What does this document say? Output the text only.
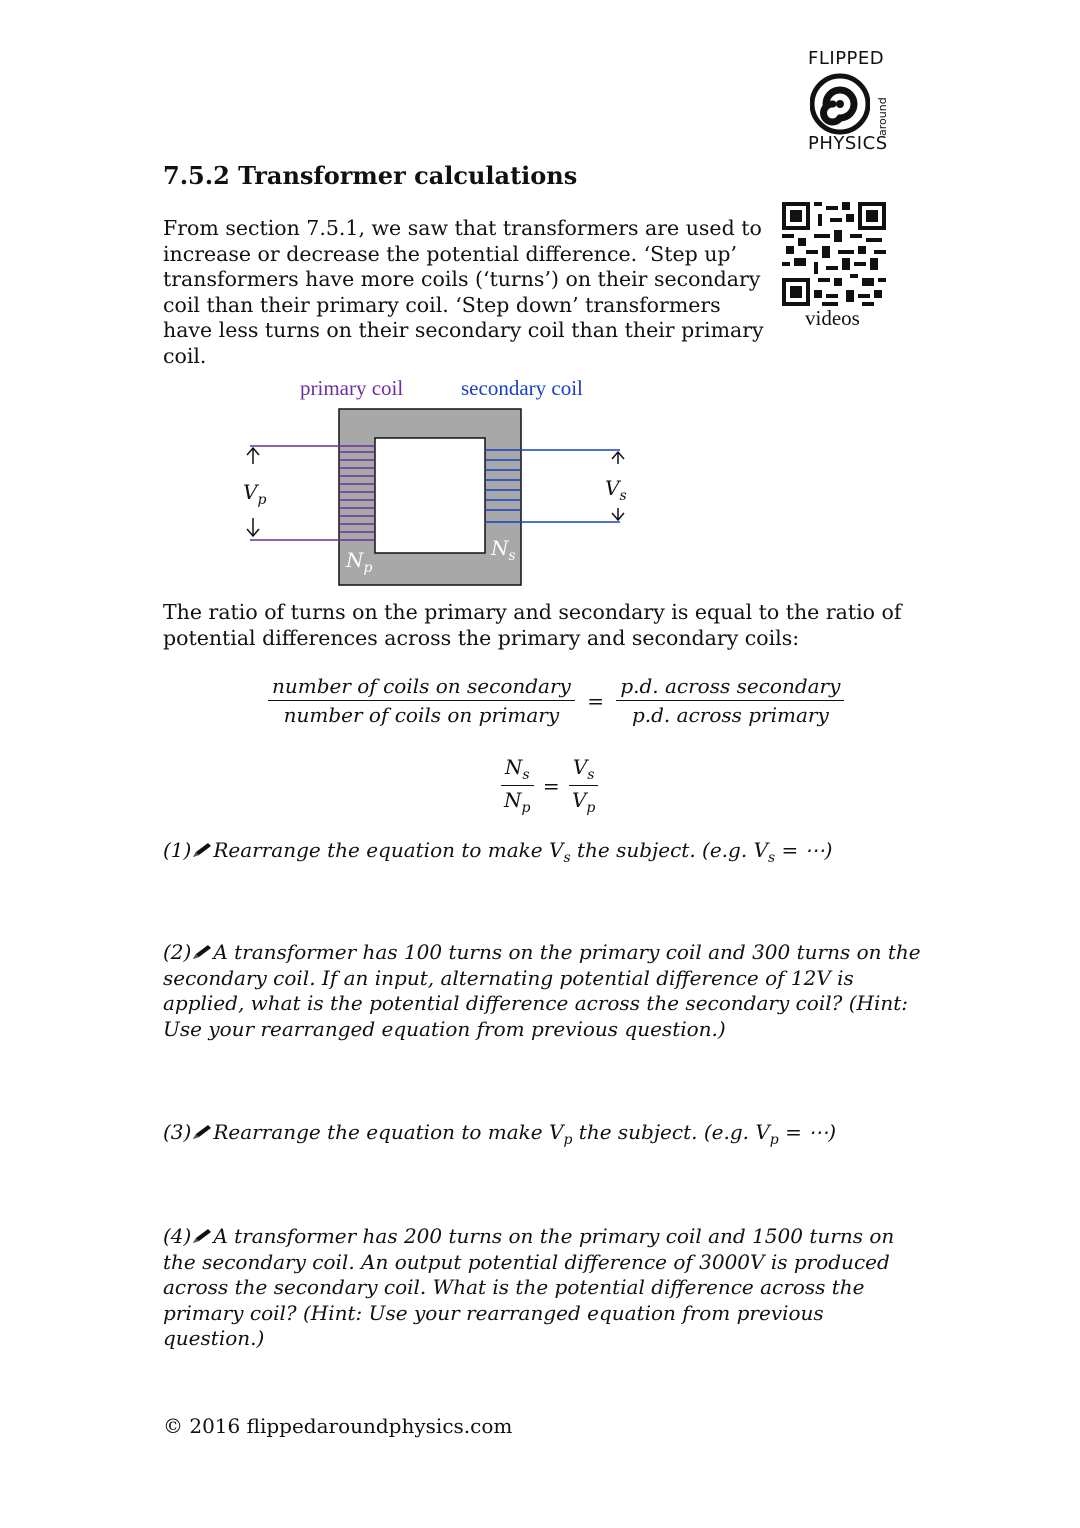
FLIPPED
around
PHYSICS
7.5.2 Transformer calculations

From section 7.5.1, we saw that transformers are used to increase or decrease the potential difference. ‘Step up’ transformers have more coils (‘turns’) on their secondary coil than their primary coil. ‘Step down’ transformers have less turns on their secondary coil than their primary coil.

videos
primary coil	secondary coil
$V_p$	$V_s$
$N_p$
$N_s$

The ratio of turns on the primary and secondary is equal to the ratio of potential differences across the primary and secondary coils:

$\frac{\text{number of coils on secondary}}{\text{number of coils on primary}} = \frac{\text{p.d. across secondary}}{\text{p.d. across primary}}$
$\frac{N_s}{N_p} = \frac{V_s}{V_p}$
(1) Rearrange the equation to make $V_s$ the subject. (e.g. $V_s$ = ⋯)
(2) A transformer has 100 turns on the primary coil and 300 turns on the secondary coil. If an input, alternating potential difference of 12V is applied, what is the potential difference across the secondary coil? (Hint: Use your rearranged equation from previous question.)
(3) Rearrange the equation to make $V_p$ the subject. (e.g. $V_p$ = ⋯)
(4) A transformer has 200 turns on the primary coil and 1500 turns on the secondary coil. An output potential difference of 3000V is produced across the secondary coil. What is the potential difference across the primary coil? (Hint: Use your rearranged equation from previous question.)
© 2016 flippedaroundphysics.com
